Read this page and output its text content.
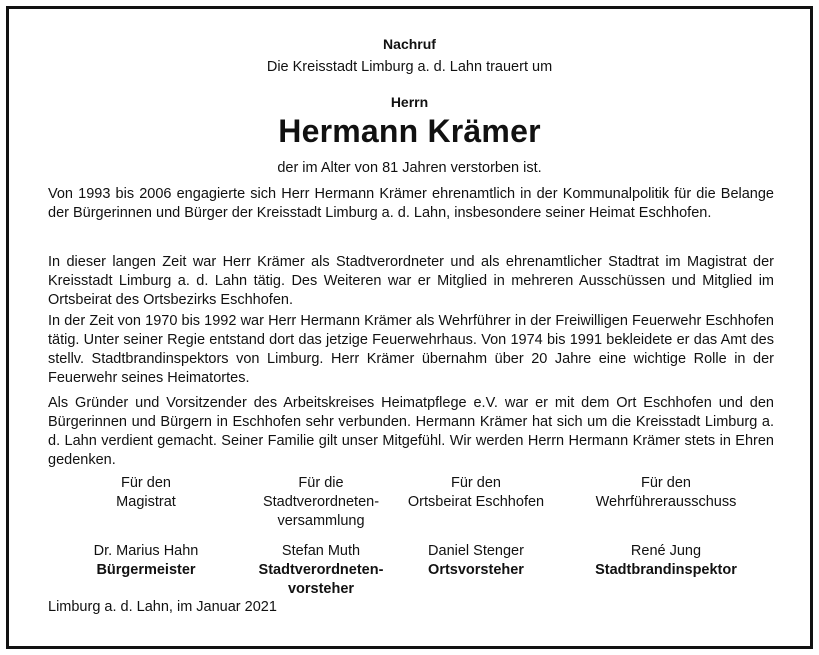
Nachruf
Die Kreisstadt Limburg a. d. Lahn trauert um
Herrn
Hermann Krämer
der im Alter von 81 Jahren verstorben ist.

Von 1993 bis 2006 engagierte sich Herr Hermann Krämer ehrenamtlich in der Kommunalpolitik für die Belange der Bürgerinnen und Bürger der Kreisstadt Limburg a. d. Lahn, insbesondere seiner Heimat Eschhofen.

In dieser langen Zeit war Herr Krämer als Stadtverordneter und als ehrenamtlicher Stadtrat im Magistrat der Kreisstadt Limburg a. d. Lahn tätig. Des Weiteren war er Mitglied in mehreren Ausschüssen und Mitglied im Ortsbeirat des Ortsbezirks Eschhofen.

In der Zeit von 1970 bis 1992 war Herr Hermann Krämer als Wehrführer in der Freiwilligen Feuerwehr Eschhofen tätig. Unter seiner Regie entstand dort das jetzige Feuerwehrhaus. Von 1974 bis 1991 bekleidete er das Amt des stellv. Stadtbrandinspektors von Limburg. Herr Krämer übernahm über 20 Jahre eine wichtige Rolle in der Feuerwehr seines Heimatortes.

Als Gründer und Vorsitzender des Arbeitskreises Heimatpflege e.V. war er mit dem Ort Eschhofen und den Bürgerinnen und Bürgern in Eschhofen sehr verbunden. Hermann Krämer hat sich um die Kreisstadt Limburg a. d. Lahn verdient gemacht. Seiner Familie gilt unser Mitgefühl. Wir werden Herrn Hermann Krämer stets in Ehren gedenken.

Für den
Magistrat
Für die
Stadtverordneten-
versammlung
Für den
Ortsbeirat Eschhofen
Für den
Wehrführerausschuss
Dr. Marius Hahn
Bürgermeister
Stefan Muth
Stadtverordneten-
vorsteher
Daniel Stenger
Ortsvorsteher
René Jung
Stadtbrandinspektor
Limburg a. d. Lahn, im Januar 2021
